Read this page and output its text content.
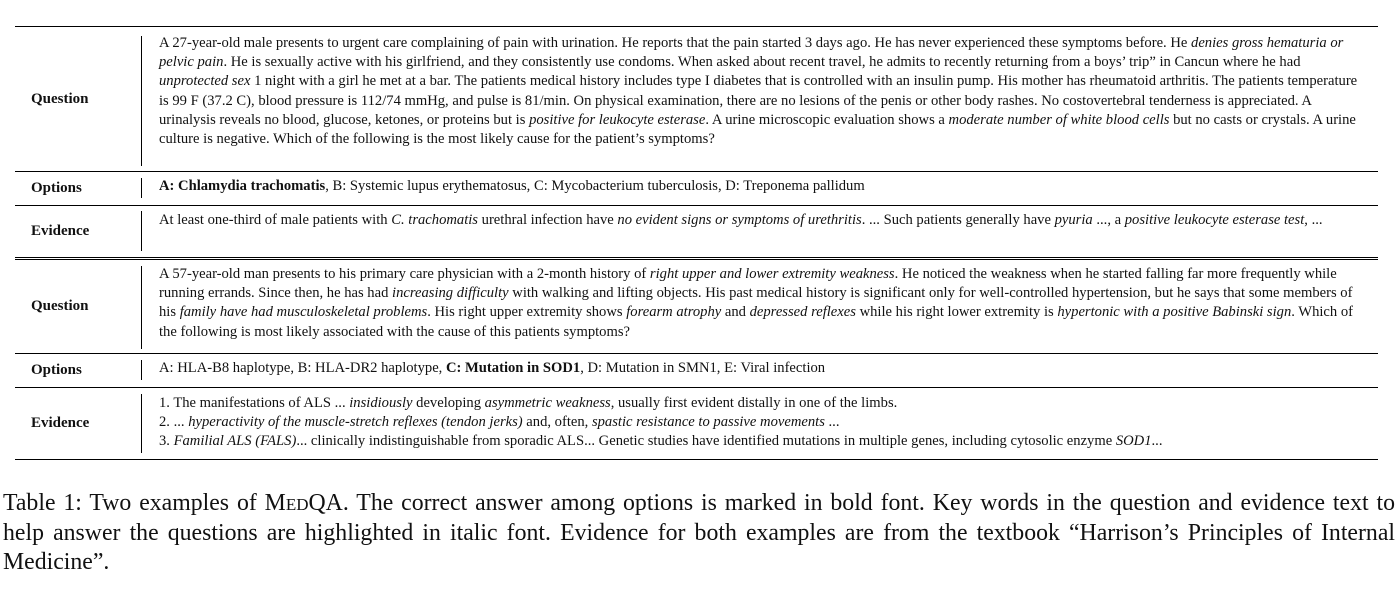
Question
A 27-year-old male presents to urgent care complaining of pain with urination. He reports that the pain started 3 days ago. He has never experienced these symptoms before. He denies gross hematuria or pelvic pain. He is sexually active with his girlfriend, and they consistently use condoms. When asked about recent travel, he admits to recently returning from a boys’ trip” in Cancun where he had unprotected sex 1 night with a girl he met at a bar. The patients medical history includes type I diabetes that is controlled with an insulin pump. His mother has rheumatoid arthritis. The patients temperature is 99 F (37.2 C), blood pressure is 112/74 mmHg, and pulse is 81/min. On physical examination, there are no lesions of the penis or other body rashes. No costovertebral tenderness is appreciated. A urinalysis reveals no blood, glucose, ketones, or proteins but is positive for leukocyte esterase. A urine microscopic evaluation shows a moderate number of white blood cells but no casts or crystals. A urine culture is negative. Which of the following is the most likely cause for the patient’s symptoms?
Options	A: Chlamydia trachomatis, B: Systemic lupus erythematosus, C: Mycobacterium tuberculosis, D: Treponema pallidum
Evidence
At least one-third of male patients with C. trachomatis urethral infection have no evident signs or symptoms of urethritis. ... Such patients generally have pyuria ..., a positive leukocyte esterase test, ...
Question
A 57-year-old man presents to his primary care physician with a 2-month history of right upper and lower extremity weakness. He noticed the weakness when he started falling far more frequently while running errands. Since then, he has had increasing difficulty with walking and lifting objects. His past medical history is significant only for well-controlled hypertension, but he says that some members of his family have had musculoskeletal problems. His right upper extremity shows forearm atrophy and depressed reflexes while his right lower extremity is hypertonic with a positive Babinski sign. Which of the following is most likely associated with the cause of this patients symptoms?
Options	A: HLA-B8 haplotype, B: HLA-DR2 haplotype, C: Mutation in SOD1, D: Mutation in SMN1, E: Viral infection
Evidence
1. The manifestations of ALS ... insidiously developing asymmetric weakness, usually first evident distally in one of the limbs.
2. ... hyperactivity of the muscle-stretch reflexes (tendon jerks) and, often, spastic resistance to passive movements ...
3. Familial ALS (FALS)... clinically indistinguishable from sporadic ALS... Genetic studies have identified mutations in multiple genes, including cytosolic enzyme SOD1...
Table 1: Two examples of MedQA. The correct answer among options is marked in bold font. Key words in the question and evidence text to help answer the questions are highlighted in italic font. Evidence for both examples are from the textbook “Harrison’s Principles of Internal Medicine”.
